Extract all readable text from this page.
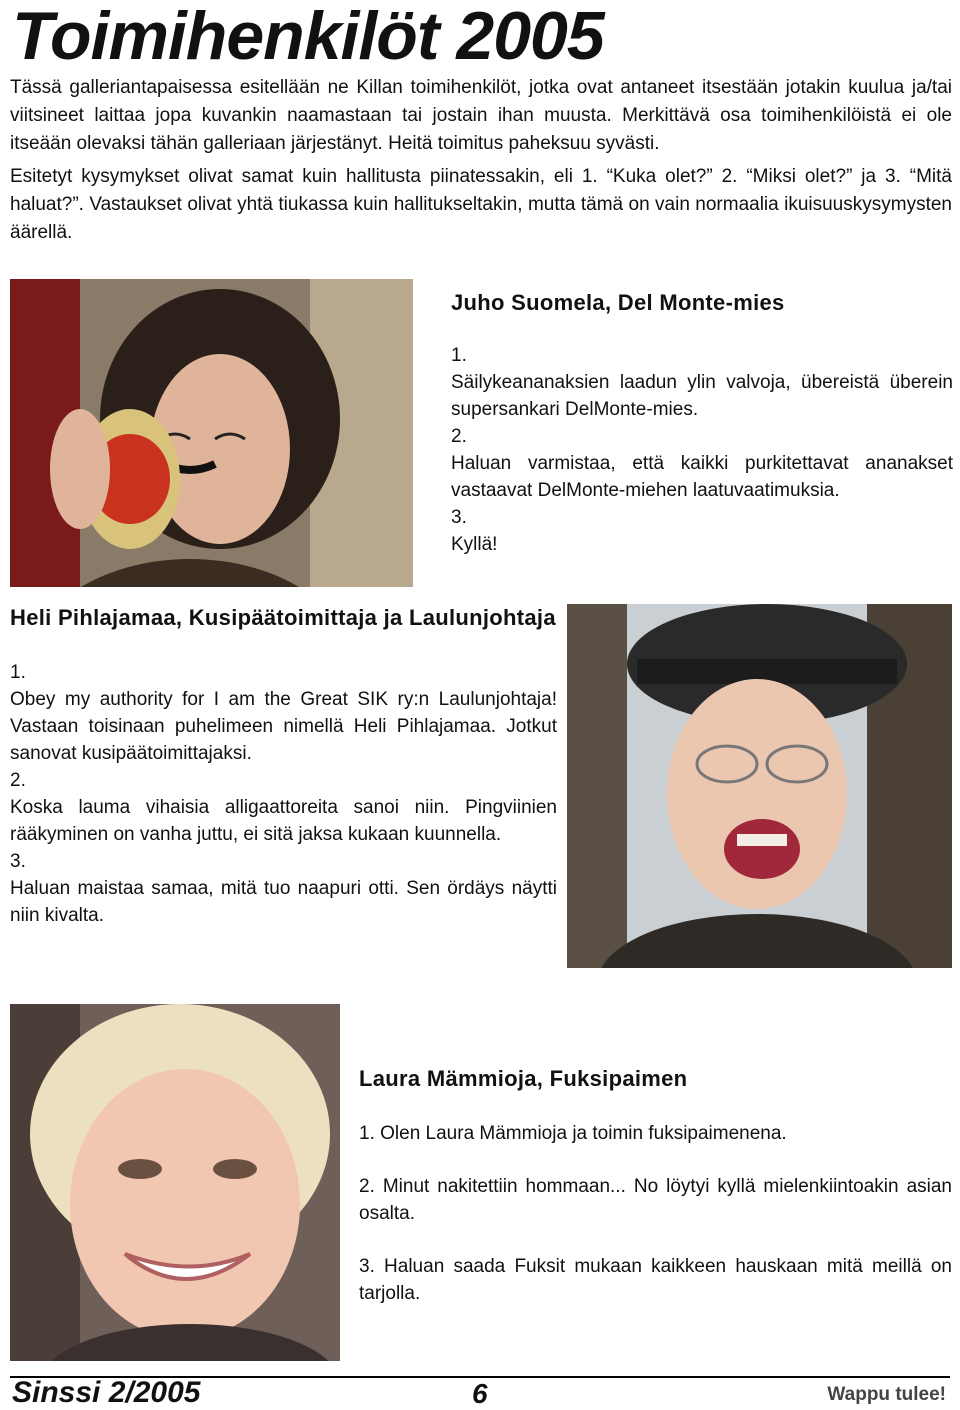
Toimihenkilöt 2005

Tässä galleriantapaisessa esitellään ne Killan toimihenkilöt, jotka ovat antaneet itsestään jotakin kuulua ja/tai viitsineet laittaa jopa kuvankin naamastaan tai jostain ihan muusta. Merkittävä osa toimihenkilöistä ei ole itseään olevaksi tähän galleriaan järjestänyt. Heitä toimitus paheksuu syvästi.

Esitetyt kysymykset olivat samat kuin hallitusta piinatessakin, eli 1. “Kuka olet?” 2. “Miksi olet?” ja 3. “Mitä haluat?”. Vastaukset olivat yhtä tiukassa kuin hallitukseltakin, mutta tämä on vain normaalia ikuisuuskysymysten äärellä.

Juho Suomela, Del Monte-mies

1.

Säilykeananaksien laadun ylin valvoja, übereistä überein supersankari DelMonte-mies.

2.

Haluan varmistaa, että kaikki purkitettavat ananakset vastaavat DelMonte-miehen laatuvaatimuksia.

3.

Kyllä!

Heli Pihlajamaa, Kusipäätoimittaja ja Laulunjohtaja

1.

Obey my authority for I am the Great SIK ry:n Laulunjohtaja! Vastaan toisinaan puhelimeen nimellä Heli Pihlajamaa. Jotkut sanovat kusipäätoimittajaksi.

2.

Koska lauma vihaisia alligaattoreita sanoi niin. Pingviinien rääkyminen on vanha juttu, ei sitä jaksa kukaan kuunnella.

3.

Haluan maistaa samaa, mitä tuo naapuri otti. Sen ördäys näytti niin kivalta.

Laura Mämmioja, Fuksipaimen

1. Olen Laura Mämmioja ja toimin fuksipaimenena.

2. Minut nakitettiin hommaan... No löytyi kyllä mielenkiintoakin asian osalta.

3. Haluan saada Fuksit mukaan kaikkeen hauskaan mitä meillä on tarjolla.

Sinssi 2/2005	6	Wappu tulee!
